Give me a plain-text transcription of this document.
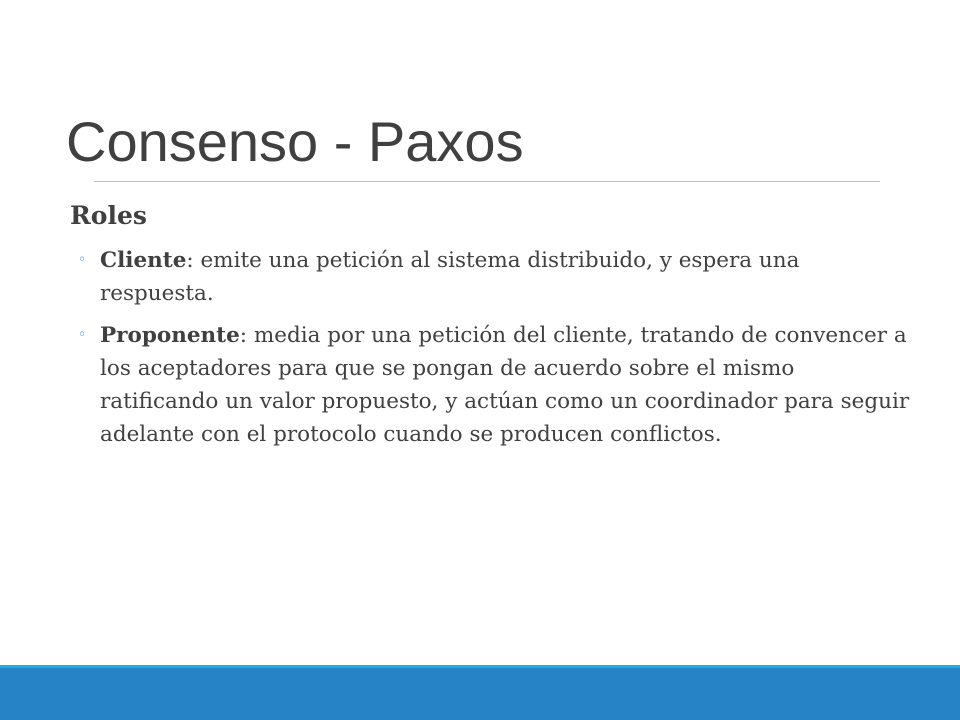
Consenso - Paxos
Roles
◦ Cliente: emite una petición al sistema distribuido, y espera una respuesta.
◦ Proponente: media por una petición del cliente, tratando de convencer a los aceptadores para que se pongan de acuerdo sobre el mismo ratificando un valor propuesto, y actúan como un coordinador para seguir adelante con el protocolo cuando se producen conflictos.
